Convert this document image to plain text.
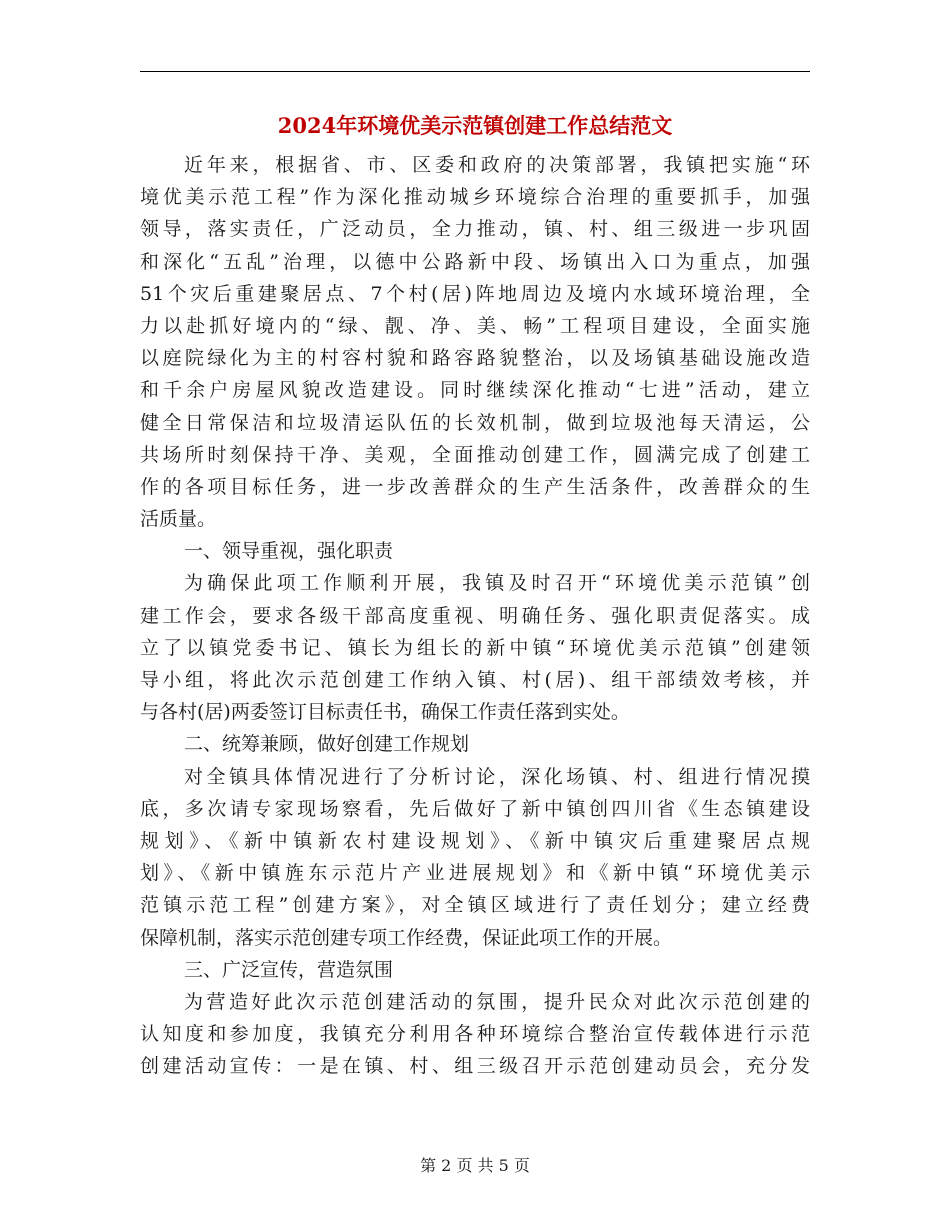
2024年环境优美示范镇创建工作总结范文
近年来，根据省、市、区委和政府的决策部署，我镇把实施“环
境优美示范工程”作为深化推动城乡环境综合治理的重要抓手，加强
领导，落实责任，广泛动员，全力推动，镇、村、组三级进一步巩固
和深化“五乱”治理，以德中公路新中段、场镇出入口为重点，加强
51个灾后重建聚居点、7个村(居)阵地周边及境内水域环境治理，全
力以赴抓好境内的“绿、靓、净、美、畅”工程项目建设，全面实施
以庭院绿化为主的村容村貌和路容路貌整治，以及场镇基础设施改造
和千余户房屋风貌改造建设。同时继续深化推动“七进”活动，建立
健全日常保洁和垃圾清运队伍的长效机制，做到垃圾池每天清运，公
共场所时刻保持干净、美观，全面推动创建工作，圆满完成了创建工
作的各项目标任务，进一步改善群众的生产生活条件，改善群众的生
活质量。
一、领导重视，强化职责
为确保此项工作顺利开展，我镇及时召开“环境优美示范镇”创
建工作会，要求各级干部高度重视、明确任务、强化职责促落实。成
立了以镇党委书记、镇长为组长的新中镇“环境优美示范镇”创建领
导小组，将此次示范创建工作纳入镇、村(居)、组干部绩效考核，并
与各村(居)两委签订目标责任书，确保工作责任落到实处。
二、统筹兼顾，做好创建工作规划
对全镇具体情况进行了分析讨论，深化场镇、村、组进行情况摸
底，多次请专家现场察看，先后做好了新中镇创四川省《生态镇建设
规划》、《新中镇新农村建设规划》、《新中镇灾后重建聚居点规
划》、《新中镇旌东示范片产业进展规划》和《新中镇“环境优美示
范镇示范工程”创建方案》，对全镇区域进行了责任划分；建立经费
保障机制，落实示范创建专项工作经费，保证此项工作的开展。
三、广泛宣传，营造氛围
为营造好此次示范创建活动的氛围，提升民众对此次示范创建的
认知度和参加度，我镇充分利用各种环境综合整治宣传载体进行示范
创建活动宣传：一是在镇、村、组三级召开示范创建动员会，充分发
第 2 页 共 5 页
